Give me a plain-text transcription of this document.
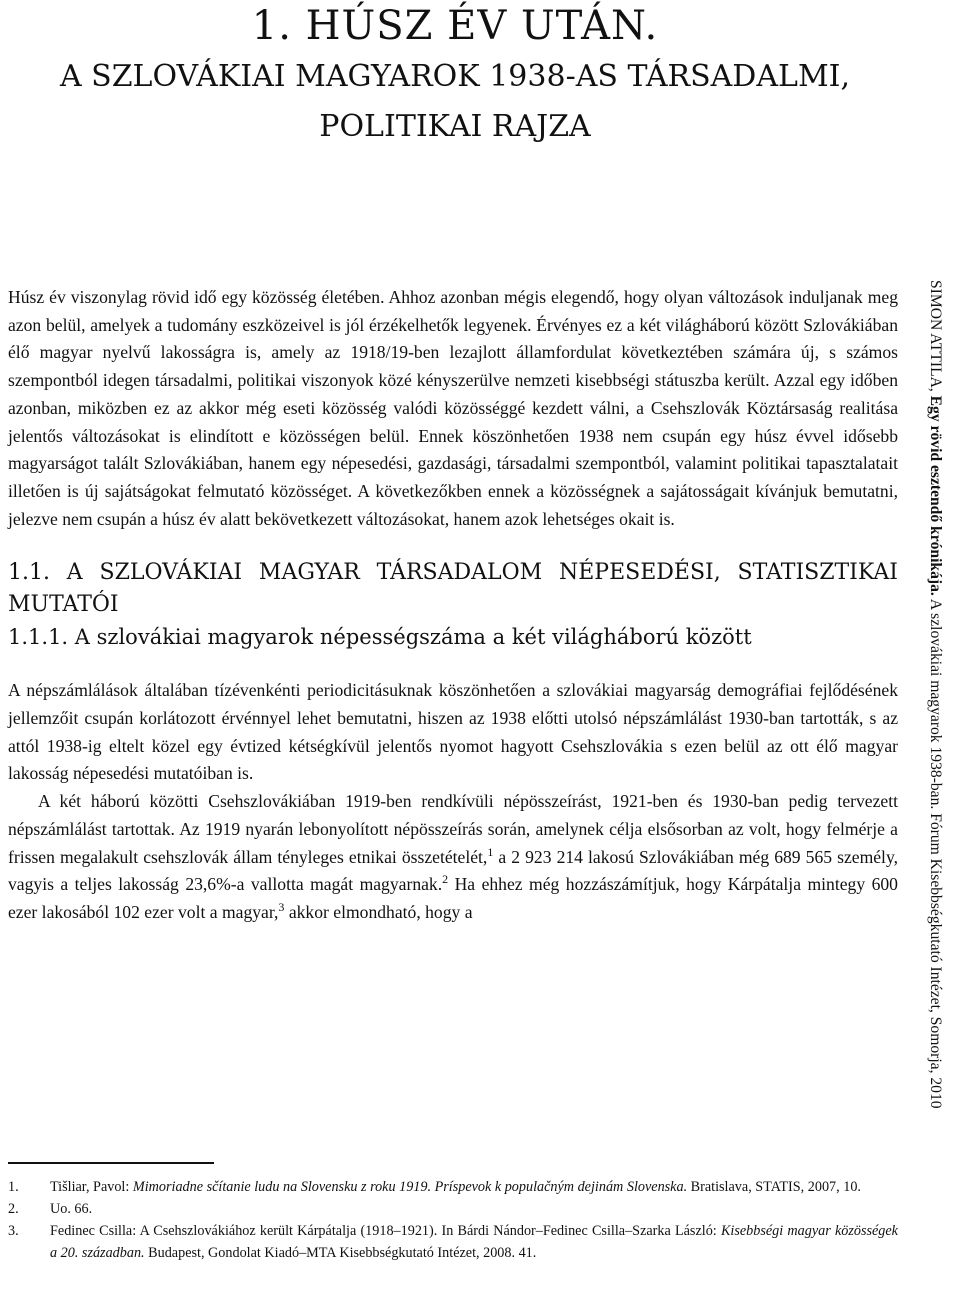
1. HÚSZ ÉV UTÁN.
A SZLOVÁKIAI MAGYAROK 1938-AS TÁRSADALMI,
POLITIKAI RAJZA

Húsz év viszonylag rövid idő egy közösség életében. Ahhoz azonban mégis elegendő, hogy olyan változások induljanak meg azon belül, amelyek a tudomány eszközeivel is jól érzékelhetők legyenek. Érvényes ez a két világháború között Szlovákiában élő magyar nyelvű lakosságra is, amely az 1918/19-ben lezajlott államfordulat következtében számára új, s számos szempontból idegen társadalmi, politikai viszonyok közé kényszerülve nemzeti kisebbségi státuszba került. Azzal egy időben azonban, miközben ez az akkor még eseti közösség valódi közösséggé kezdett válni, a Csehszlovák Köztársaság realitása jelentős változásokat is elindított e közösségen belül. Ennek köszönhetően 1938 nem csupán egy húsz évvel idősebb magyarságot talált Szlovákiában, hanem egy népesedési, gazdasági, társadalmi szempontból, valamint politikai tapasztalatait illetően is új sajátságokat felmutató közösséget. A következőkben ennek a közösségnek a sajátosságait kívánjuk bemutatni, jelezve nem csupán a húsz év alatt bekövetkezett változásokat, hanem azok lehetséges okait is.

1.1. A SZLOVÁKIAI MAGYAR TÁRSADALOM NÉPESEDÉSI, STATISZTIKAI MUTATÓI
1.1.1. A szlovákiai magyarok népességszáma a két világháború között

A népszámlálások általában tízévenkénti periodicitásuknak köszönhetően a szlovákiai magyarság demográfiai fejlődésének jellemzőit csupán korlátozott érvénnyel lehet bemutatni, hiszen az 1938 előtti utolsó népszámlálást 1930-ban tartották, s az attól 1938-ig eltelt közel egy évtized kétségkívül jelentős nyomot hagyott Csehszlovákia s ezen belül az ott élő magyar lakosság népesedési mutatóiban is.

A két háború közötti Csehszlovákiában 1919-ben rendkívüli népösszeírást, 1921-ben és 1930-ban pedig tervezett népszámlálást tartottak. Az 1919 nyarán lebonyolított népösszeírás során, amelynek célja elsősorban az volt, hogy felmérje a frissen megalakult csehszlovák állam tényleges etnikai összetételét,$^1$ a 2 923 214 lakosú Szlovákiában még 689 565 személy, vagyis a teljes lakosság 23,6%-a vallotta magát magyarnak.$^2$ Ha ehhez még hozzászámítjuk, hogy Kárpátalja mintegy 600 ezer lakosából 102 ezer volt a magyar,$^3$ akkor elmondható, hogy a

1.	Tišliar, Pavol: Mimoriadne sčítanie ludu na Slovensku z roku 1919. Príspevok k populačným dejinám Slovenska. Bratislava, STATIS, 2007, 10.

2.	Uo. 66.

3.	Fedinec Csilla: A Csehszlovákiához került Kárpátalja (1918–1921). In Bárdi Nándor–Fedinec Csilla–Szarka László: Kisebbségi magyar közösségek a 20. században. Budapest, Gondolat Kiadó–MTA Kisebbségkutató Intézet, 2008. 41.

SIMON ATTILA, Egy rövid esztendő krónikája. A szlovákiai magyarok 1938-ban. Fórum Kisebbségkutató Intézet, Somorja, 2010
